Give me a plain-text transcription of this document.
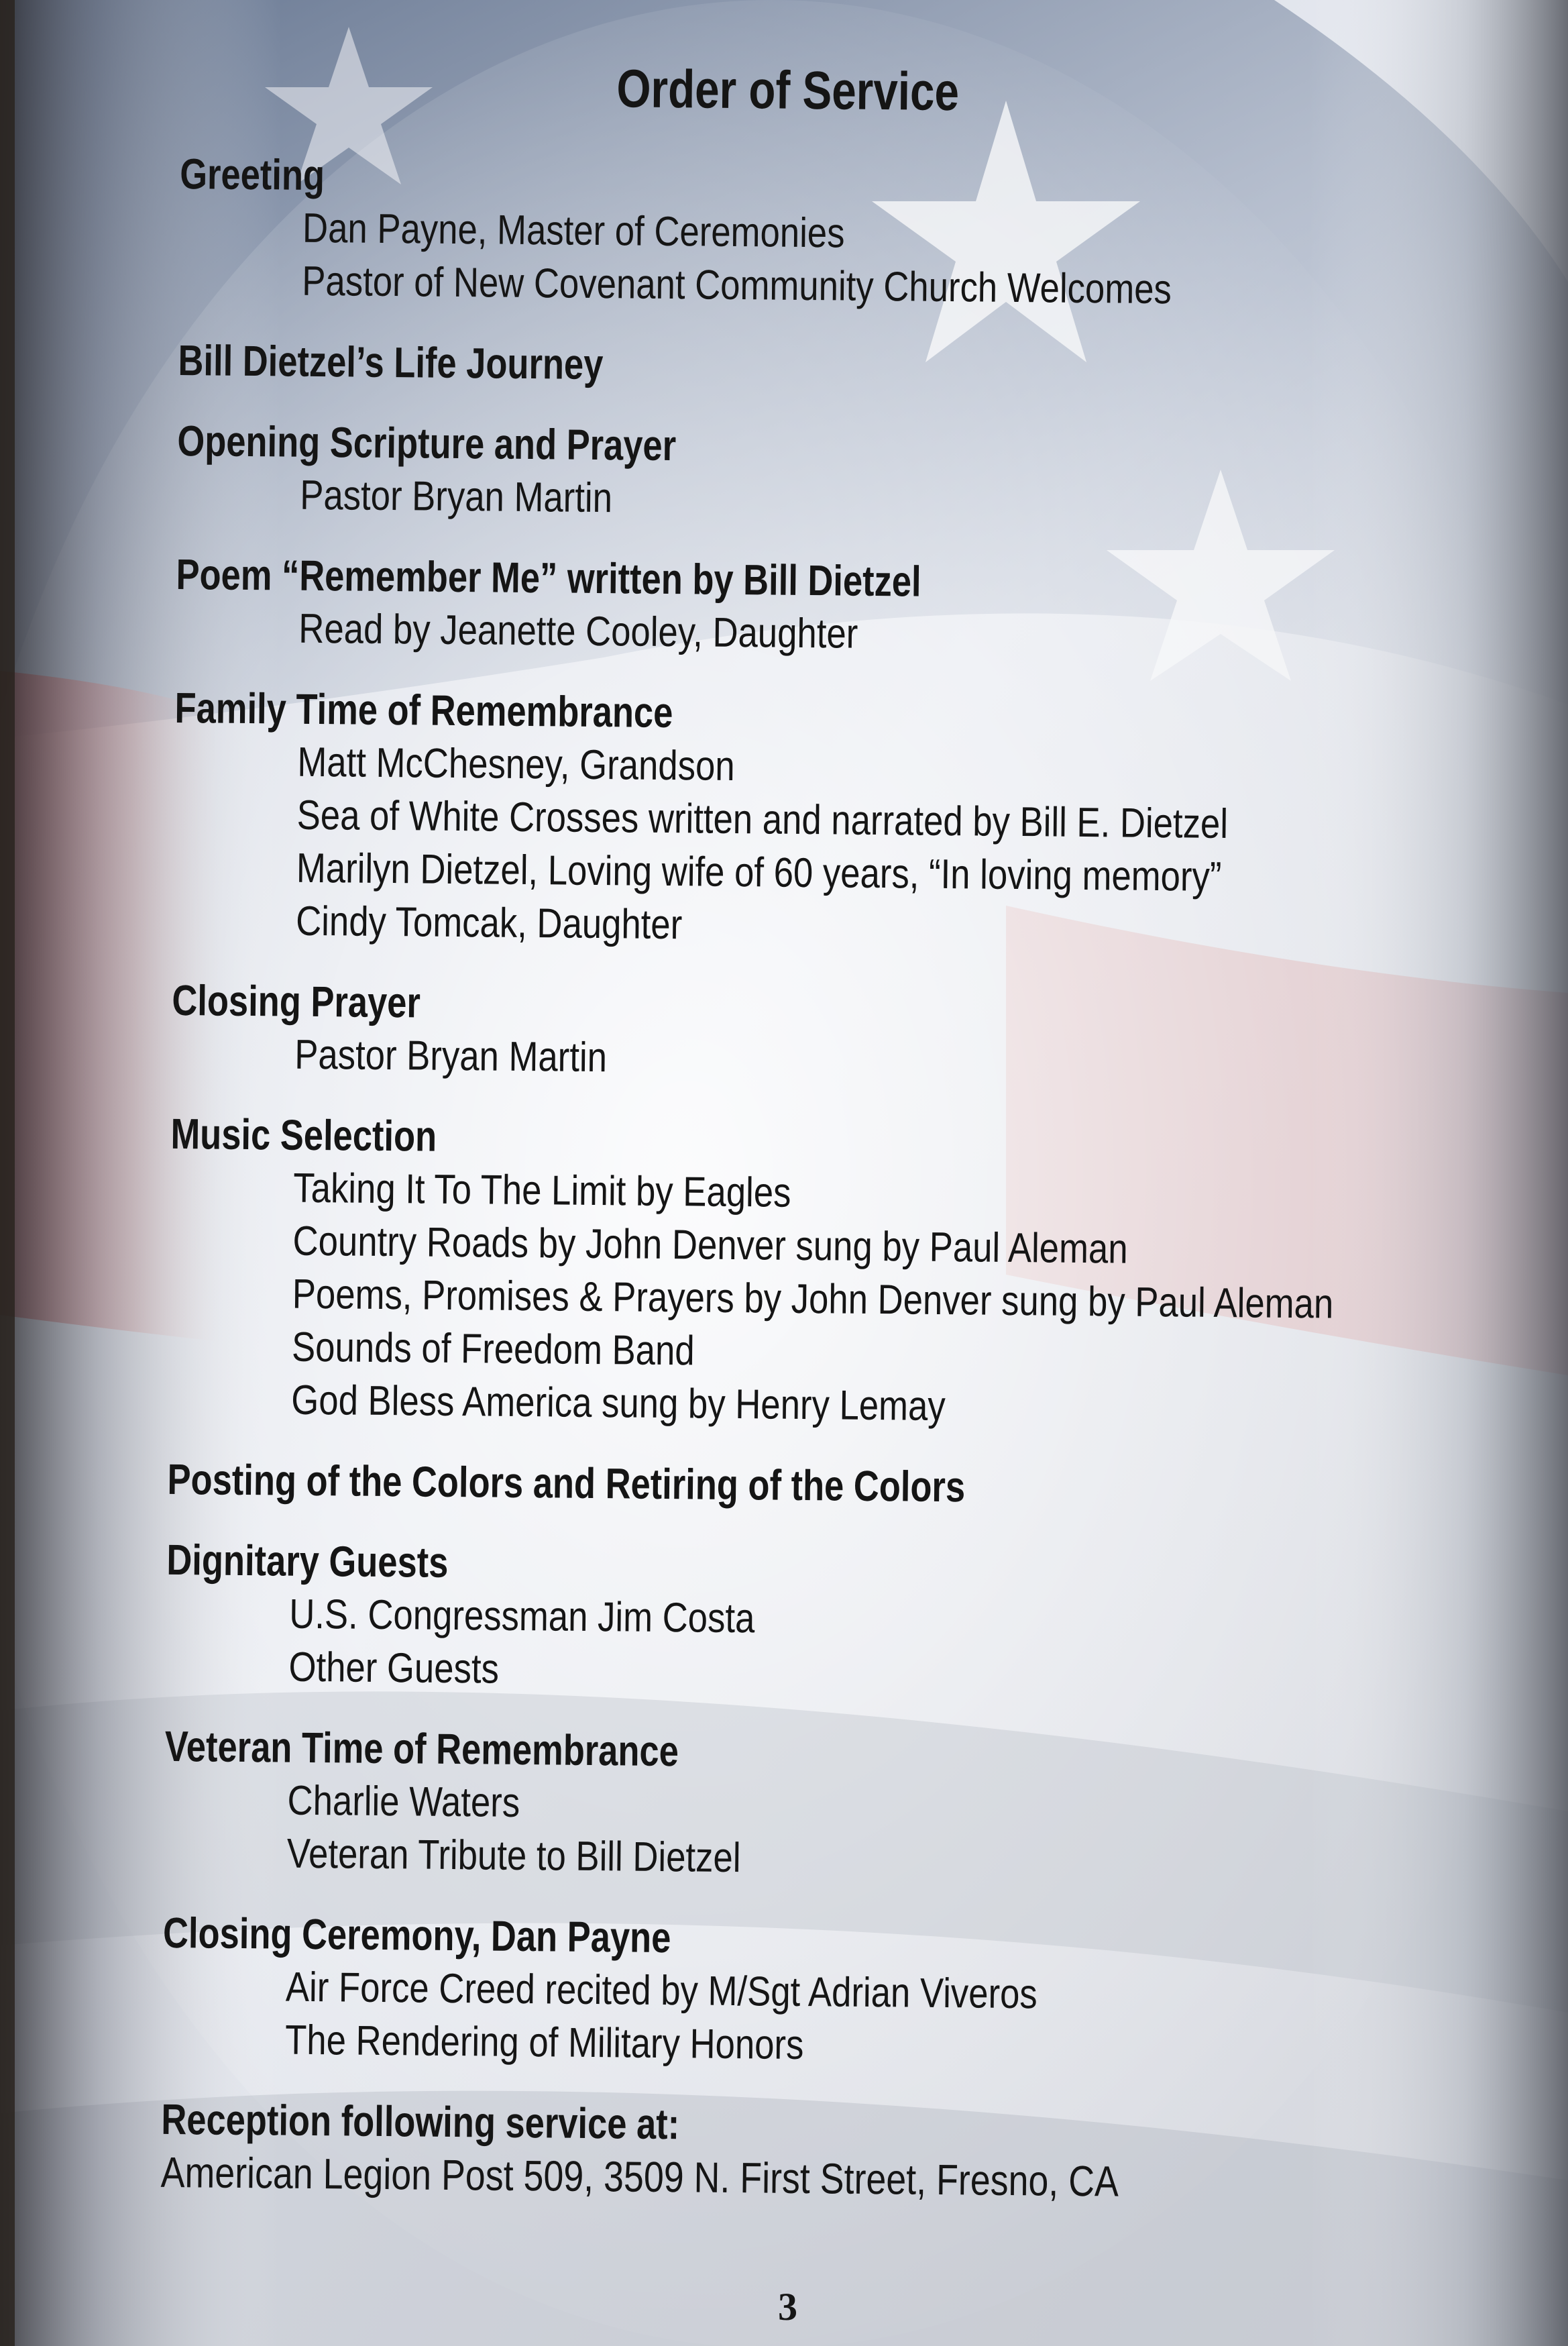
Order of Service
Greeting
Dan Payne, Master of Ceremonies
Pastor of New Covenant Community Church Welcomes
Bill Dietzel’s Life Journey
Opening Scripture and Prayer
Pastor Bryan Martin
Poem “Remember Me” written by Bill Dietzel
Read by Jeanette Cooley, Daughter
Family Time of Remembrance
Matt McChesney, Grandson
Sea of White Crosses written and narrated by Bill E. Dietzel
Marilyn Dietzel, Loving wife of 60 years, “In loving memory”
Cindy Tomcak, Daughter
Closing Prayer
Pastor Bryan Martin
Music Selection
Taking It To The Limit by Eagles
Country Roads by John Denver sung by Paul Aleman
Poems, Promises & Prayers by John Denver sung by Paul Aleman
Sounds of Freedom Band
God Bless America sung by Henry Lemay
Posting of the Colors and Retiring of the Colors
Dignitary Guests
U.S. Congressman Jim Costa
Other Guests
Veteran Time of Remembrance
Charlie Waters
Veteran Tribute to Bill Dietzel
Closing Ceremony, Dan Payne
Air Force Creed recited by M/Sgt Adrian Viveros
The Rendering of Military Honors
Reception following service at:
American Legion Post 509, 3509 N. First Street, Fresno, CA
3
